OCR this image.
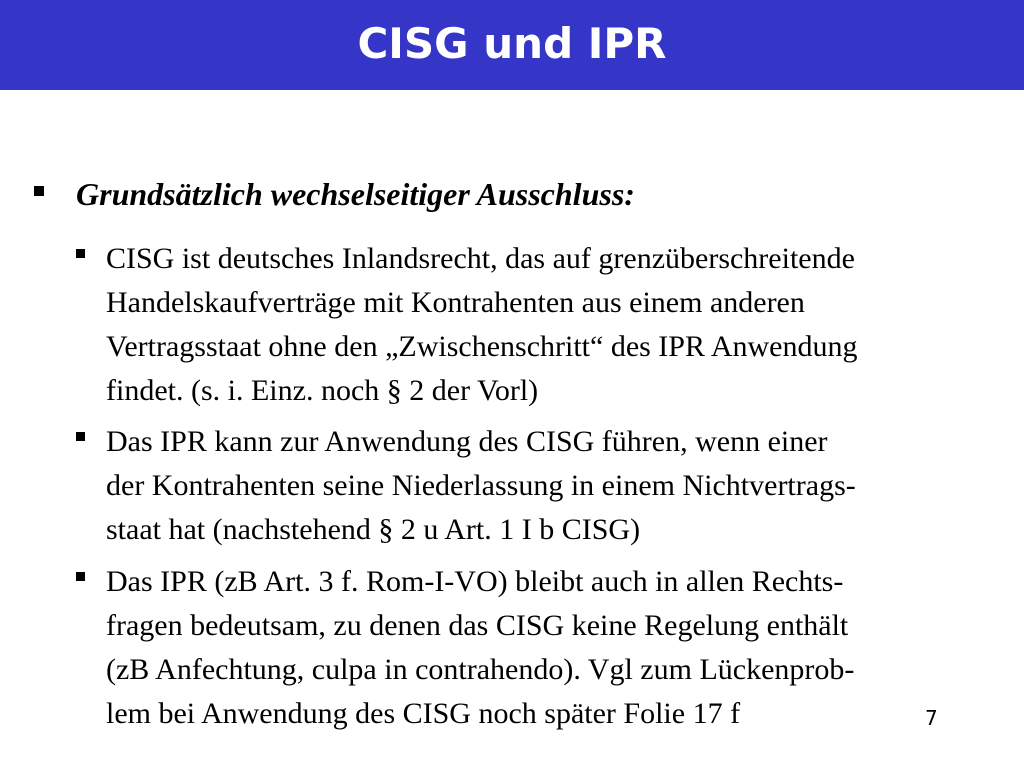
CISG und IPR

Grundsätzlich wechselseitiger Ausschluss:

CISG ist deutsches Inlandsrecht, das auf grenzüberschreitende
Handelskaufverträge mit Kontrahenten aus einem anderen
Vertragsstaat ohne den „Zwischenschritt“ des IPR Anwendung
findet. (s. i. Einz. noch § 2 der Vorl)

Das IPR kann zur Anwendung des CISG führen, wenn einer
der Kontrahenten seine Niederlassung in einem Nichtvertrags-
staat hat (nachstehend § 2 u Art. 1 I b CISG)

Das IPR (zB Art. 3 f. Rom-I-VO) bleibt auch in allen Rechts-
fragen bedeutsam, zu denen das CISG keine Regelung enthält
(zB Anfechtung, culpa in contrahendo). Vgl zum Lückenprob-
lem bei Anwendung des CISG noch später Folie 17 f	7
